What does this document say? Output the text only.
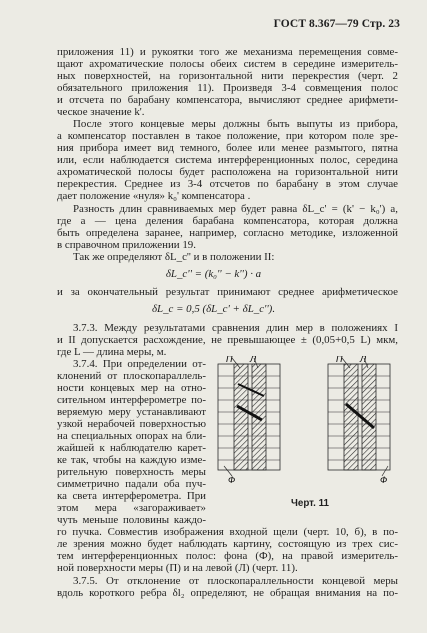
ГОСТ 8.367—79 Стр. 23
приложения 11) и рукоятки того же механизма перемещения совме-
щают ахроматические полосы обеих систем в середине измеритель-
ных поверхностей, на горизонтальной нити перекрестия (черт. 2
обязательного приложения 11). Произведя 3-4 совмещения полос
и отсчета по барабану компенсатора, вычисляют среднее арифмети-
ческое значение k'.
После этого концевые меры должны быть выпуты из прибора,
а компенсатор поставлен в такое положение, при котором поле зре-
ния прибора имеет вид темного, более или менее размытого, пятна
или, если наблюдается система интерференционных полос, середина
ахроматической полосы будет расположена на горизонтальной нити
перекрестия. Среднее из 3-4 отсчетов по барабану в этом случае
дает положение «нуля» k₀' компенсатора .
Разность длин сравниваемых мер будет равна δL_c' = (k' − k₀') a,
где a — цена деления барабана компенсатора, которая должна
быть определена заранее, например, согласно методике, изложенной
в справочном приложении 19.
Так же определяют δL_c'' и в положении II:
δL_c'' = (k₀'' − k'') · a
и за окончательный результат принимают среднее арифметическое
δL_c = 0,5 (δL_c' + δL_c'').
3.7.3. Между результатами сравнения длин мер в положениях I
и II допускается расхождение, не превышающее ± (0,05+0,5 L) мкм,
где L — длина меры, м.
3.7.4. При определении от-
клонений от плоскопараллель-
ности концевых мер на отно-
сительном интерферометре по-
веряемую меру устанавливают
узкой нерабочей поверхностью
на специальных опорах на бли-
жайшей к наблюдателю карет-
ке так, чтобы на каждую изме-
рительную поверхность меры
симметрично падали оба пуч-
ка света интерферометра. При
этом мера «загораживает»
чуть меньше половины каждо-
го пучка. Совместив изображения входной щели (черт. 10, б), в по-
ле зрения можно будет наблюдать картину, состоящую из трех сис-
тем интерференционных полос: фона (Ф), на правой измеритель-
ной поверхности меры (П) и на левой (Л) (черт. 11).
3.7.5. От отклонение от плоскопараллельности концевой меры
вдоль короткого ребра δl₂ определяют, не обращая внимания на по-
П Л	П Л
Ф	Ф
Черт. 11
